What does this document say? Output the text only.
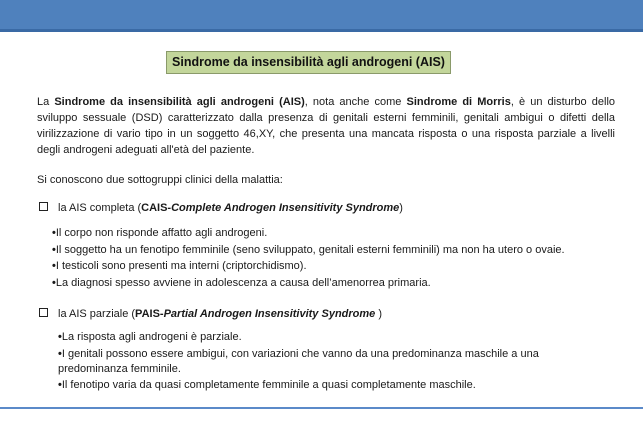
Sindrome da insensibilità agli androgeni (AIS)
La Sindrome da insensibilità agli androgeni (AIS), nota anche come Sindrome di Morris, è un disturbo dello sviluppo sessuale (DSD) caratterizzato dalla presenza di genitali esterni femminili, genitali ambigui o difetti della virilizzazione di vario tipo in un soggetto 46,XY, che presenta una mancata risposta o una risposta parziale a livelli degli androgeni adeguati all'età del paziente.
Si conoscono due sottogruppi clinici della malattia:
la AIS completa (CAIS-Complete Androgen Insensitivity Syndrome)
•Il corpo non risponde affatto agli androgeni.
•Il soggetto ha un fenotipo femminile (seno sviluppato, genitali esterni femminili) ma non ha utero o ovaie.
•I testicoli sono presenti ma interni (criptorchidismo).
•La diagnosi spesso avviene in adolescenza a causa dell’amenorrea primaria.
la AIS parziale (PAIS-Partial Androgen Insensitivity Syndrome )
•La risposta agli androgeni è parziale.
•I genitali possono essere ambigui, con variazioni che vanno da una predominanza maschile a una predominanza femminile.
•Il fenotipo varia da quasi completamente femminile a quasi completamente maschile.
